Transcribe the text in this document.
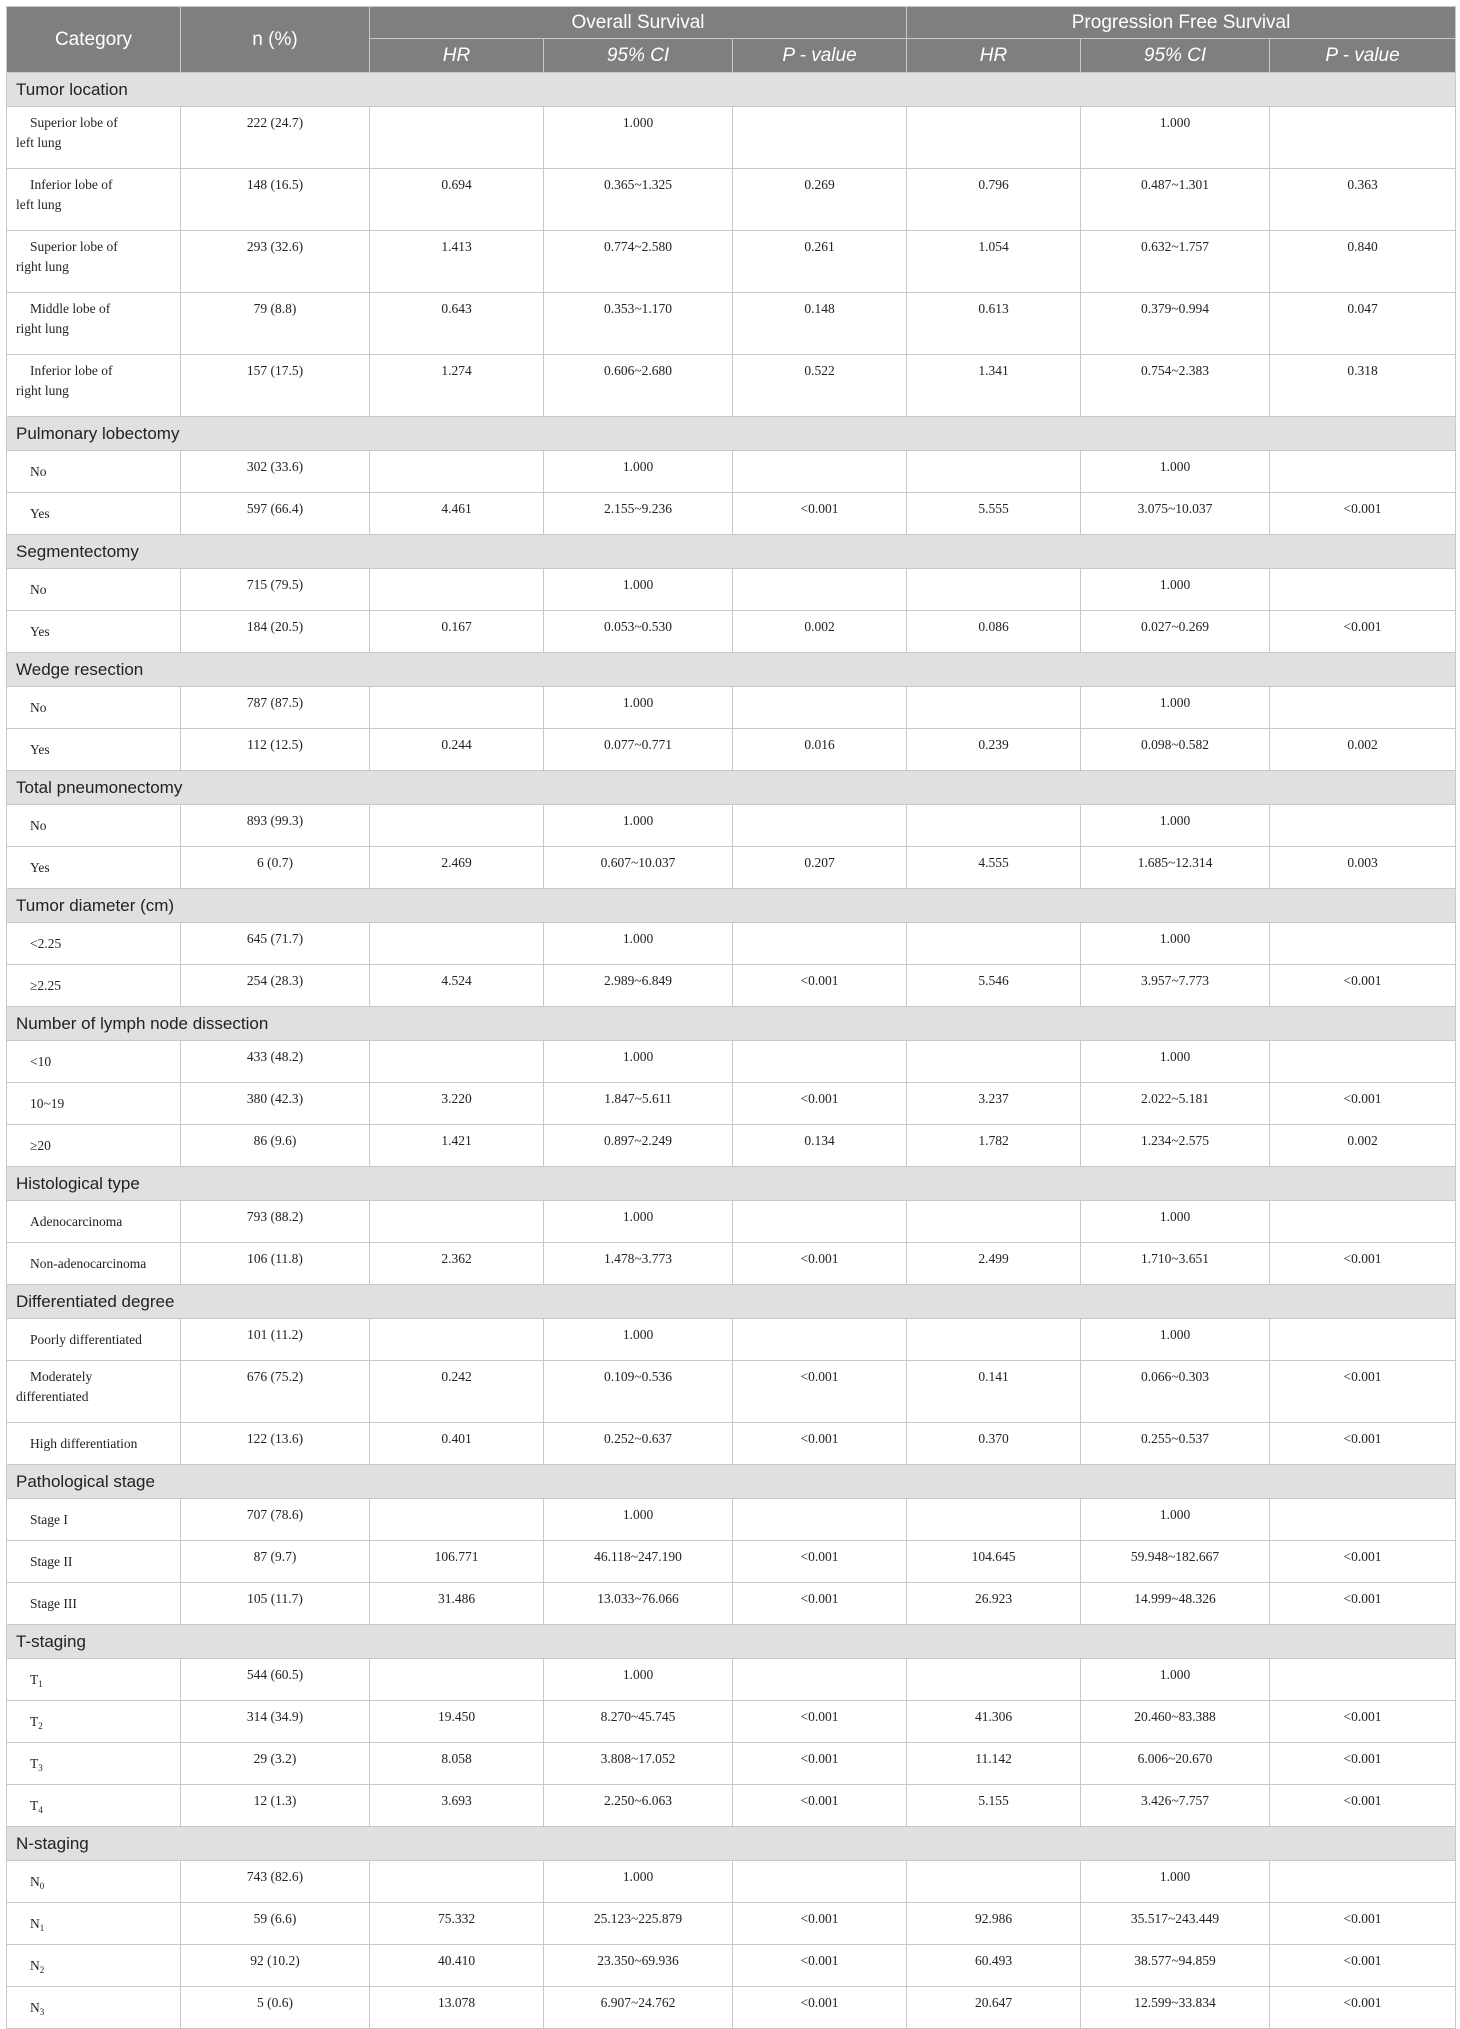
Category	n (%)	Overall Survival			Progression Free Survival		
		HR	95% CI	P - value	HR	95% CI	P - value
Tumor location							

Superior lobe of
left lung	222 (24.7)		1.000			1.000	

Inferior lobe of
left lung	148 (16.5)	0.694	0.365~1.325	0.269	0.796	0.487~1.301	0.363

Superior lobe of
right lung	293 (32.6)	1.413	0.774~2.580	0.261	1.054	0.632~1.757	0.840

Middle lobe of
right lung	79 (8.8)	0.643	0.353~1.170	0.148	0.613	0.379~0.994	0.047

Inferior lobe of
right lung	157 (17.5)	1.274	0.606~2.680	0.522	1.341	0.754~2.383	0.318
Pulmonary lobectomy							
No	302 (33.6)		1.000			1.000	
Yes	597 (66.4)	4.461	2.155~9.236	<0.001	5.555	3.075~10.037	<0.001
Segmentectomy							
No	715 (79.5)		1.000			1.000	
Yes	184 (20.5)	0.167	0.053~0.530	0.002	0.086	0.027~0.269	<0.001
Wedge resection							
No	787 (87.5)		1.000			1.000	
Yes	112 (12.5)	0.244	0.077~0.771	0.016	0.239	0.098~0.582	0.002
Total pneumonectomy							
No	893 (99.3)		1.000			1.000	
Yes	6 (0.7)	2.469	0.607~10.037	0.207	4.555	1.685~12.314	0.003
Tumor diameter (cm)							
<2.25	645 (71.7)		1.000			1.000	
≥2.25	254 (28.3)	4.524	2.989~6.849	<0.001	5.546	3.957~7.773	<0.001
Number of lymph node dissection							
<10	433 (48.2)		1.000			1.000	
10~19	380 (42.3)	3.220	1.847~5.611	<0.001	3.237	2.022~5.181	<0.001
≥20	86 (9.6)	1.421	0.897~2.249	0.134	1.782	1.234~2.575	0.002
Histological type							
Adenocarcinoma	793 (88.2)		1.000			1.000	
Non-adenocarcinoma	106 (11.8)	2.362	1.478~3.773	<0.001	2.499	1.710~3.651	<0.001
Differentiated degree							
Poorly differentiated	101 (11.2)		1.000			1.000	

Moderately
differentiated	676 (75.2)	0.242	0.109~0.536	<0.001	0.141	0.066~0.303	<0.001
High differentiation	122 (13.6)	0.401	0.252~0.637	<0.001	0.370	0.255~0.537	<0.001
Pathological stage							
Stage I	707 (78.6)		1.000			1.000	
Stage II	87 (9.7)	106.771	46.118~247.190	<0.001	104.645	59.948~182.667	<0.001
Stage III	105 (11.7)	31.486	13.033~76.066	<0.001	26.923	14.999~48.326	<0.001
T-staging							
$T_1$	544 (60.5)		1.000			1.000	
$T_2$	314 (34.9)	19.450	8.270~45.745	<0.001	41.306	20.460~83.388	<0.001
$T_3$	29 (3.2)	8.058	3.808~17.052	<0.001	11.142	6.006~20.670	<0.001
$T_4$	12 (1.3)	3.693	2.250~6.063	<0.001	5.155	3.426~7.757	<0.001
N-staging							
$N_0$	743 (82.6)		1.000			1.000	
$N_1$	59 (6.6)	75.332	25.123~225.879	<0.001	92.986	35.517~243.449	<0.001
$N_2$	92 (10.2)	40.410	23.350~69.936	<0.001	60.493	38.577~94.859	<0.001
$N_3$	5 (0.6)	13.078	6.907~24.762	<0.001	20.647	12.599~33.834	<0.001
